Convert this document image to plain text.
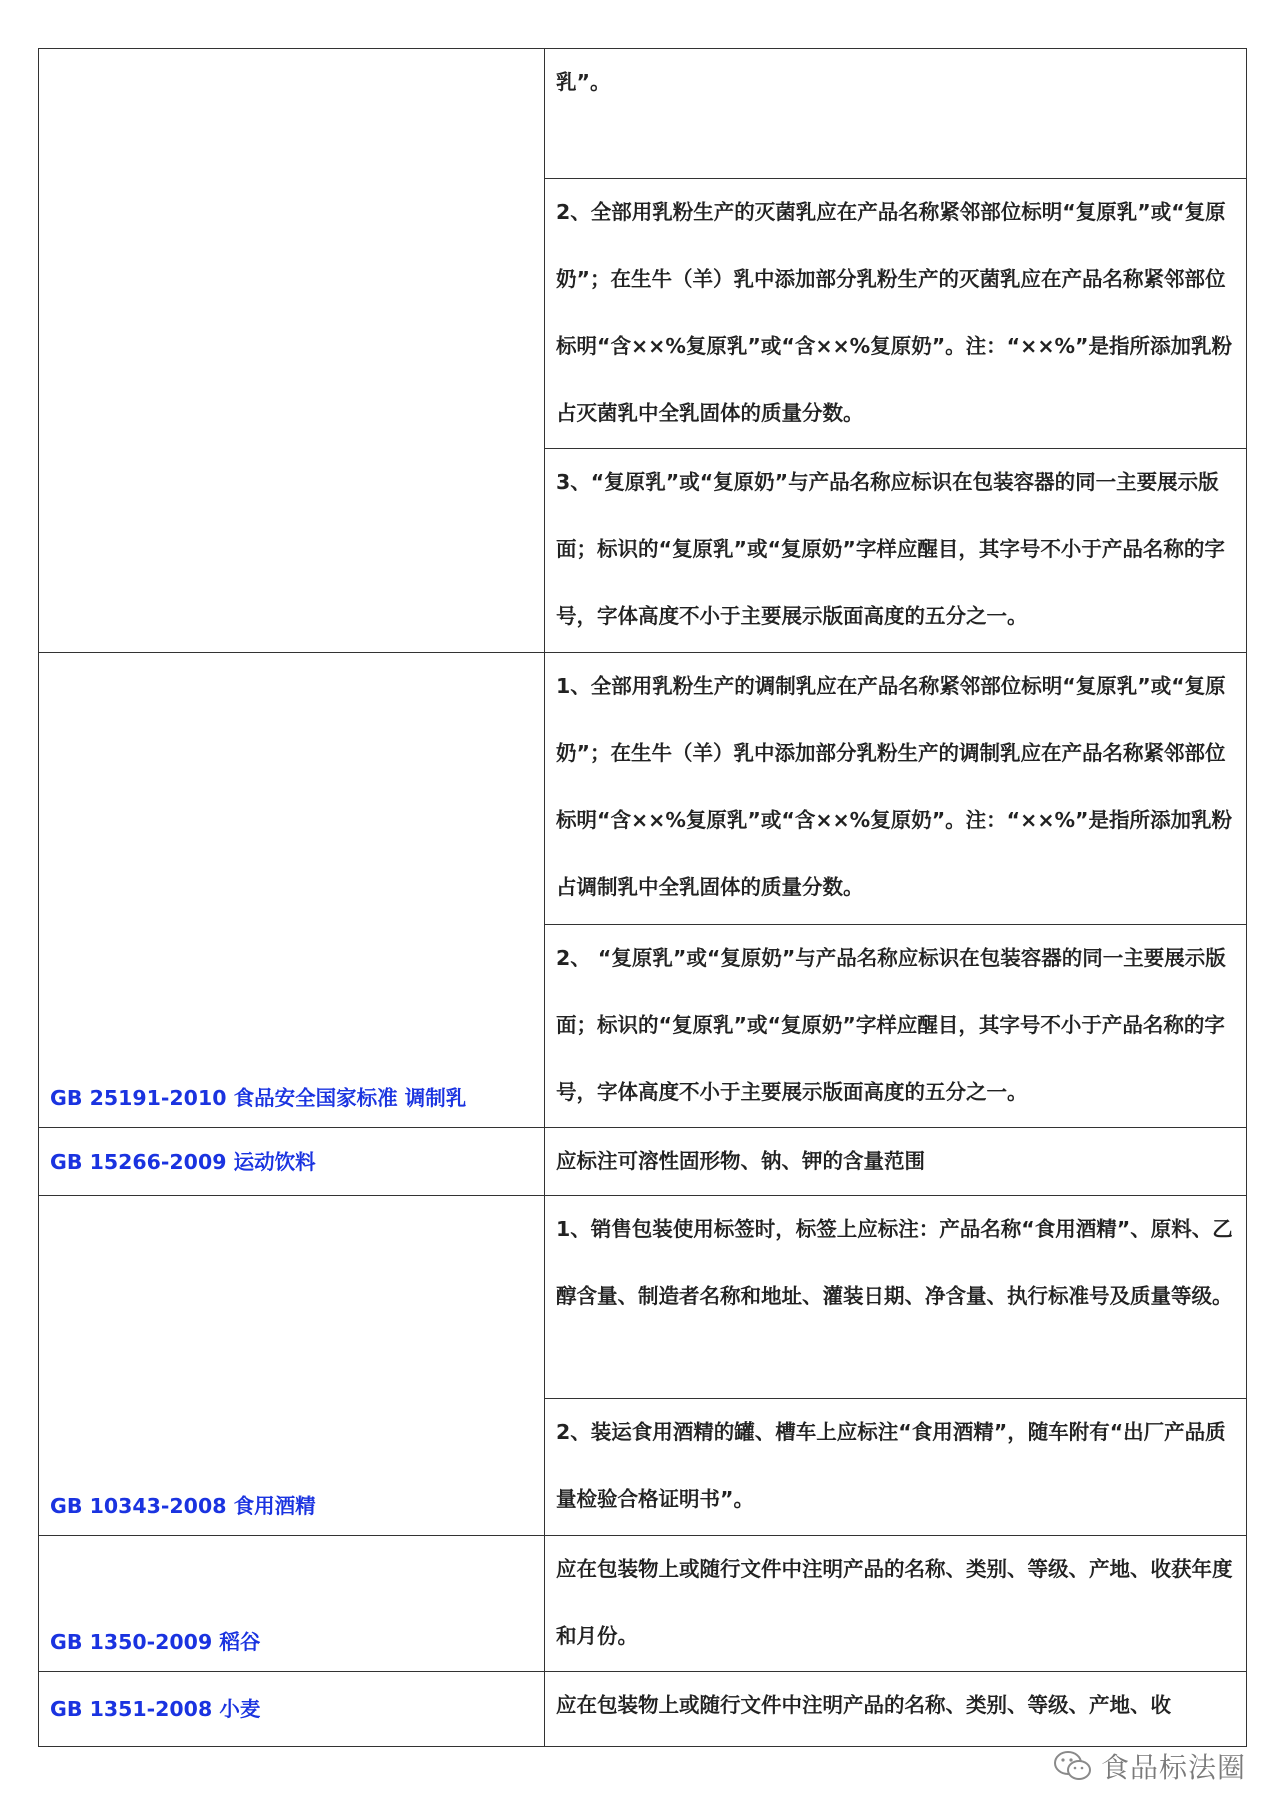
	乳”。

	2、全部用乳粉生产的灭菌乳应在产品名称紧邻部位标明“复原乳”或“复原奶”；在生牛（羊）乳中添加部分乳粉生产的灭菌乳应在产品名称紧邻部位标明“含××%复原乳”或“含××%复原奶”。注：“××%”是指所添加乳粉占灭菌乳中全乳固体的质量分数。

	3、“复原乳”或“复原奶”与产品名称应标识在包装容器的同一主要展示版面；标识的“复原乳”或“复原奶”字样应醒目，其字号不小于产品名称的字号，字体高度不小于主要展示版面高度的五分之一。

GB 25191-2010 食品安全国家标准 调制乳	1、全部用乳粉生产的调制乳应在产品名称紧邻部位标明“复原乳”或“复原奶”；在生牛（羊）乳中添加部分乳粉生产的调制乳应在产品名称紧邻部位标明“含××%复原乳”或“含××%复原奶”。注：“××%”是指所添加乳粉占调制乳中全乳固体的质量分数。

	2、 “复原乳”或“复原奶”与产品名称应标识在包装容器的同一主要展示版面；标识的“复原乳”或“复原奶”字样应醒目，其字号不小于产品名称的字号，字体高度不小于主要展示版面高度的五分之一。

GB 15266-2009 运动饮料	应标注可溶性固形物、钠、钾的含量范围

GB 10343-2008 食用酒精	1、销售包装使用标签时，标签上应标注：产品名称“食用酒精”、原料、乙醇含量、制造者名称和地址、灌装日期、净含量、执行标准号及质量等级。

	2、装运食用酒精的罐、槽车上应标注“食用酒精”，随车附有“出厂产品质量检验合格证明书”。

GB 1350-2009 稻谷	应在包装物上或随行文件中注明产品的名称、类别、等级、产地、收获年度和月份。

GB 1351-2008 小麦	应在包装物上或随行文件中注明产品的名称、类别、等级、产地、收
食品标法圈
